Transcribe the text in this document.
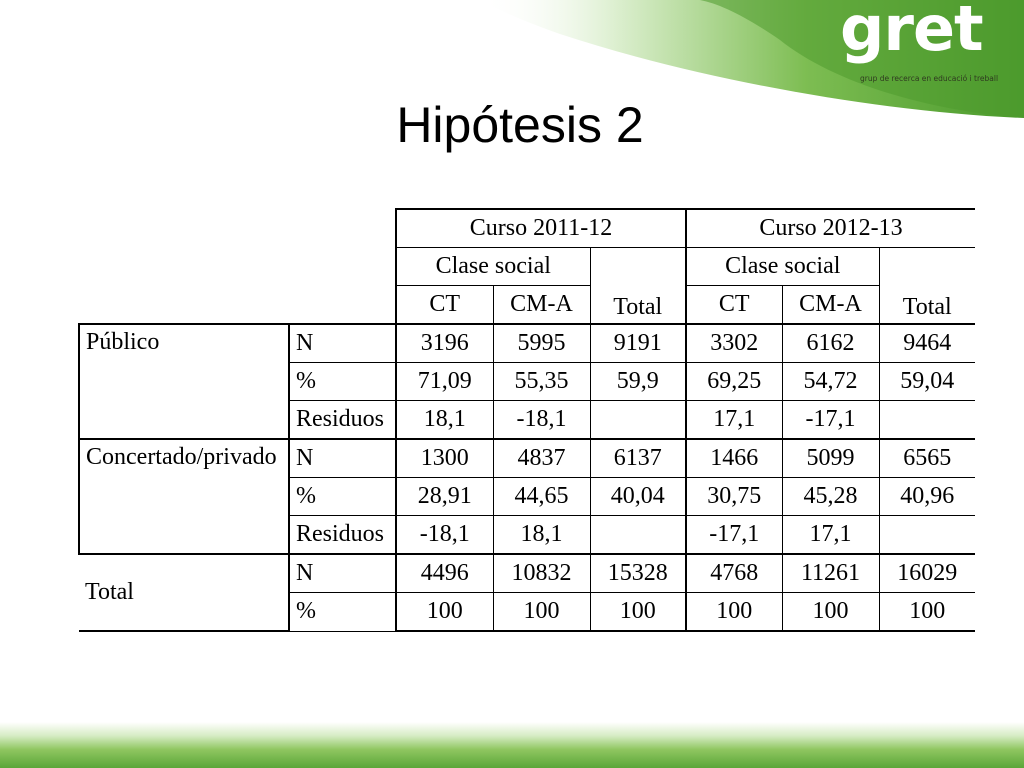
gret
grup de recerca en educació i treball
Hipótesis 2
		Curso 2011-12			Curso 2012-13		
		Clase social		Total	Clase social		Total
		CT	CM-A		CT	CM-A	
Público	N	3196	5995	9191	3302	6162	9464
	%	71,09	55,35	59,9	69,25	54,72	59,04
	Residuos	18,1	-18,1		17,1	-17,1	
Concertado/privado	N	1300	4837	6137	1466	5099	6565
	%	28,91	44,65	40,04	30,75	45,28	40,96
	Residuos	-18,1	18,1		-17,1	17,1	
Total	N	4496	10832	15328	4768	11261	16029
	%	100	100	100	100	100	100
